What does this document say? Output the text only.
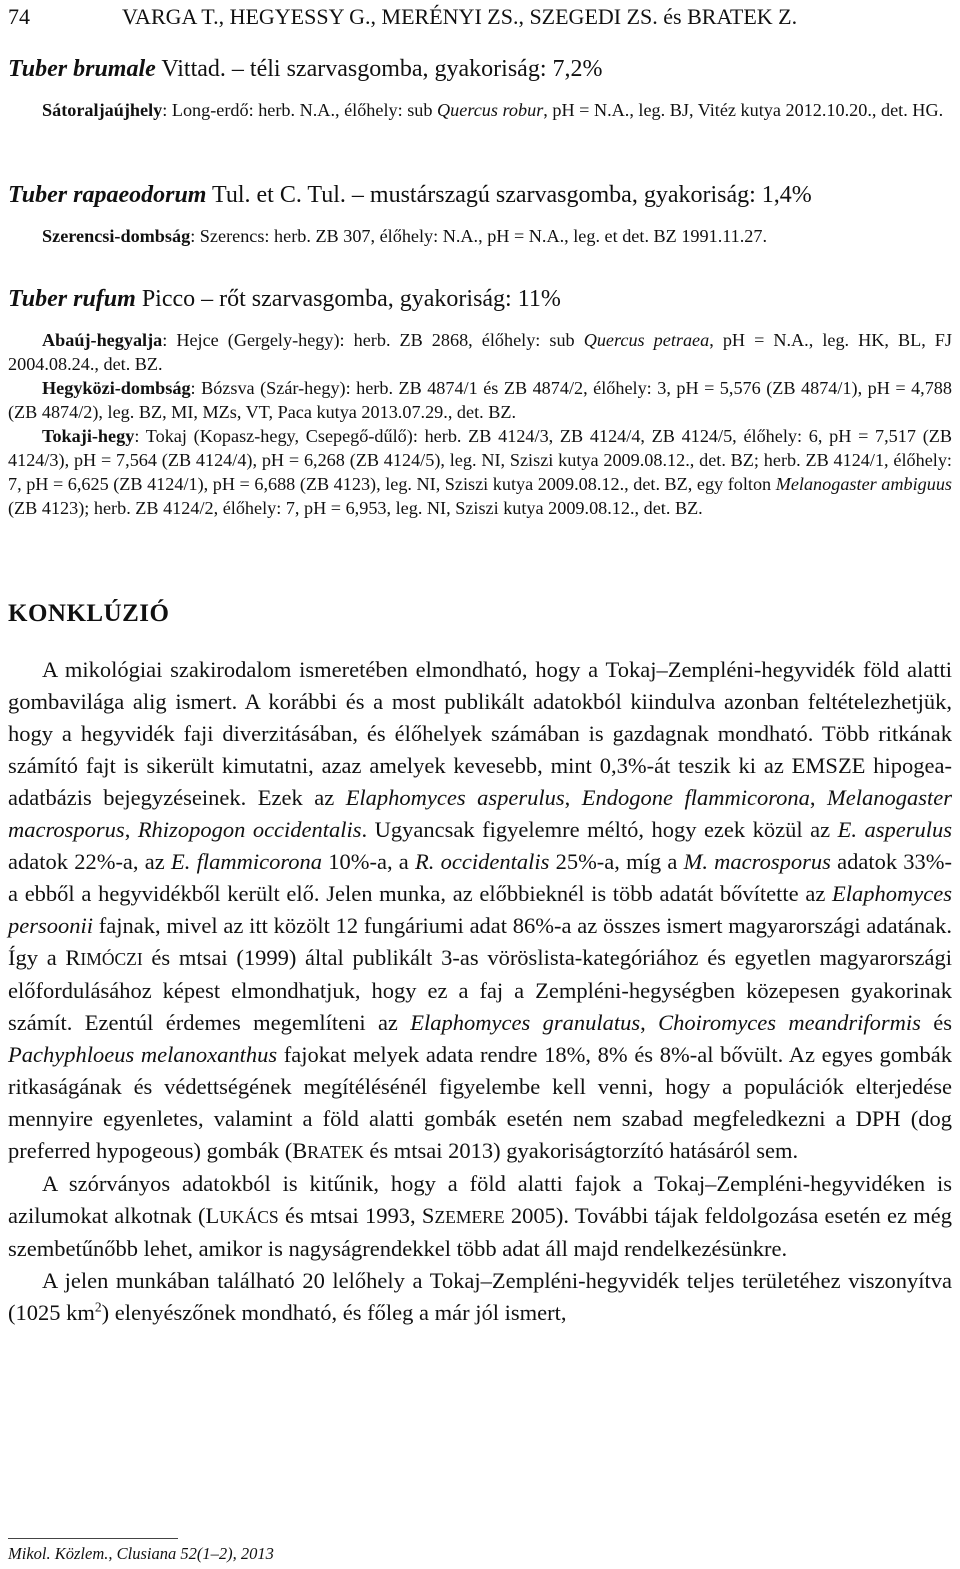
74	VARGA T., HEGYESSY G., MERÉNYI ZS., SZEGEDI ZS. és BRATEK Z.
Tuber brumale Vittad. – téli szarvasgomba, gyakoriság: 7,2%

Sátoraljaújhely: Long-erdő: herb. N.A., élőhely: sub Quercus robur, pH = N.A., leg. BJ, Vitéz kutya 2012.10.20., det. HG.

Tuber rapaeodorum Tul. et C. Tul. – mustárszagú szarvasgomba, gyakoriság: 1,4%

Szerencsi-dombság: Szerencs: herb. ZB 307, élőhely: N.A., pH = N.A., leg. et det. BZ 1991.11.27.

Tuber rufum Picco – rőt szarvasgomba, gyakoriság: 11%

Abaúj-hegyalja: Hejce (Gergely-hegy): herb. ZB 2868, élőhely: sub Quercus petraea, pH = N.A., leg. HK, BL, FJ 2004.08.24., det. BZ.

Hegyközi-dombság: Bózsva (Szár-hegy): herb. ZB 4874/1 és ZB 4874/2, élőhely: 3, pH = 5,576 (ZB 4874/1), pH = 4,788 (ZB 4874/2), leg. BZ, MI, MZs, VT, Paca kutya 2013.07.29., det. BZ.

Tokaji-hegy: Tokaj (Kopasz-hegy, Csepegő-dűlő): herb. ZB 4124/3, ZB 4124/4, ZB 4124/5, élőhely: 6, pH = 7,517 (ZB 4124/3), pH = 7,564 (ZB 4124/4), pH = 6,268 (ZB 4124/5), leg. NI, Sziszi kutya 2009.08.12., det. BZ; herb. ZB 4124/1, élőhely: 7, pH = 6,625 (ZB 4124/1), pH = 6,688 (ZB 4123), leg. NI, Sziszi kutya 2009.08.12., det. BZ, egy folton Melanogaster ambiguus (ZB 4123); herb. ZB 4124/2, élőhely: 7, pH = 6,953, leg. NI, Sziszi kutya 2009.08.12., det. BZ.

KONKLÚZIÓ

A mikológiai szakirodalom ismeretében elmondható, hogy a Tokaj–Zempléni-hegyvidék föld alatti gombavilága alig ismert. A korábbi és a most publikált adatokból kiindulva azonban feltételezhetjük, hogy a hegyvidék faji diverzitásában, és élőhelyek számában is gazdagnak mondható. Több ritkának számító fajt is sikerült kimutatni, azaz amelyek kevesebb, mint 0,3%-át teszik ki az EMSZE hipogea-adatbázis bejegyzéseinek. Ezek az Elaphomyces asperulus, Endogone flammicorona, Melanogaster macrosporus, Rhizopogon occidentalis. Ugyancsak figyelemre méltó, hogy ezek közül az E. asperulus adatok 22%-a, az E. flammicorona 10%-a, a R. occidentalis 25%-a, míg a M. macrosporus adatok 33%-a ebből a hegyvidékből került elő. Jelen munka, az előbbieknél is több adatát bővítette az Elaphomyces persoonii fajnak, mivel az itt közölt 12 fungáriumi adat 86%-a az összes ismert magyarországi adatának. Így a RIMÓCZI és mtsai (1999) által publikált 3-as vöröslista-kategóriához és egyetlen magyarországi előfordulásához képest elmondhatjuk, hogy ez a faj a Zempléni-hegységben közepesen gyakorinak számít. Ezentúl érdemes megemlíteni az Elaphomyces granulatus, Choiromyces meandriformis és Pachyphloeus melanoxanthus fajokat melyek adata rendre 18%, 8% és 8%-al bővült. Az egyes gombák ritkaságának és védettségének megítélésénél figyelembe kell venni, hogy a populációk elterjedése mennyire egyenletes, valamint a föld alatti gombák esetén nem szabad megfeledkezni a DPH (dog preferred hypogeous) gombák (BRATEK és mtsai 2013) gyakoriságtorzító hatásáról sem.

A szórványos adatokból is kitűnik, hogy a föld alatti fajok a Tokaj–Zempléni-hegyvidéken is azilumokat alkotnak (LUKÁCS és mtsai 1993, SZEMERE 2005). További tájak feldolgozása esetén ez még szembetűnőbb lehet, amikor is nagyságrendekkel több adat áll majd rendelkezésünkre.

A jelen munkában található 20 lelőhely a Tokaj–Zempléni-hegyvidék teljes területéhez viszonyítva (1025 $km^2$) elenyészőnek mondható, és főleg a már jól ismert,

Mikol. Közlem., Clusiana 52(1–2), 2013
